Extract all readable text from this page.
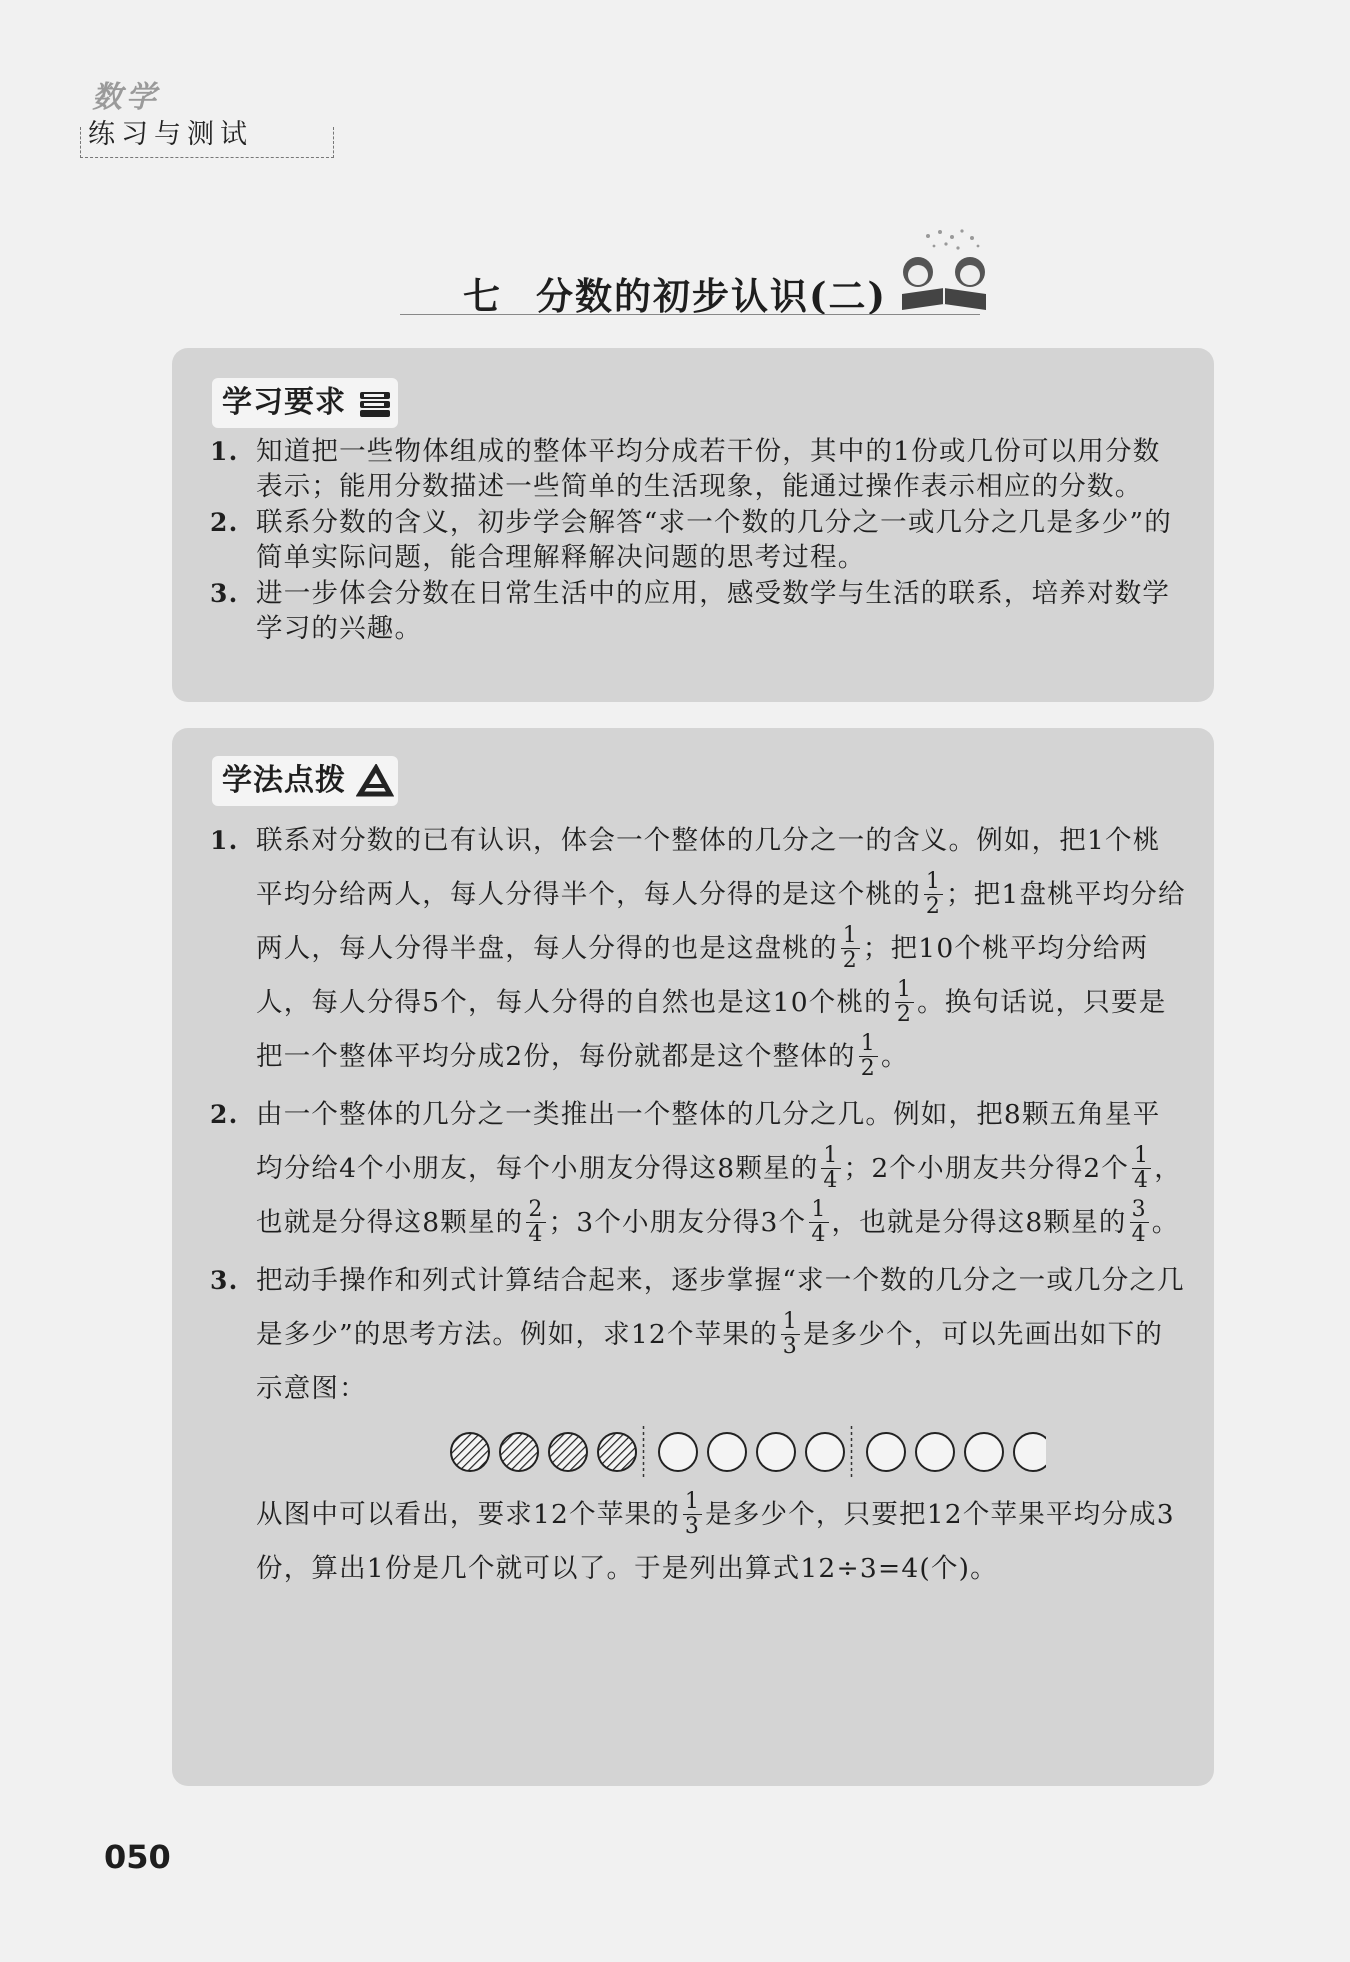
数学
练习与测试
七 分数的初步认识(二)
学习要求
1. 知道把一些物体组成的整体平均分成若干份，其中的1份或几份可以用分数表示；能用分数描述一些简单的生活现象，能通过操作表示相应的分数。
2. 联系分数的含义，初步学会解答“求一个数的几分之一或几分之几是多少”的简单实际问题，能合理解释解决问题的思考过程。
3. 进一步体会分数在日常生活中的应用，感受数学与生活的联系，培养对数学学习的兴趣。
学法点拨
1. 联系对分数的已有认识，体会一个整体的几分之一的含义。例如，把1个桃平均分给两人，每人分得半个，每人分得的是这个桃的 $\frac{1}{2}$ ；把1盘桃平均分给两人，每人分得半盘，每人分得的也是这盘桃的 $\frac{1}{2}$ ；把10个桃平均分给两人，每人分得5个，每人分得的自然也是这10个桃的 $\frac{1}{2}$ 。换句话说，只要是把一个整体平均分成2份，每份就都是这个整体的 $\frac{1}{2}$ 。
2. 由一个整体的几分之一类推出一个整体的几分之几。例如，把8颗五角星平均分给4个小朋友，每个小朋友分得这8颗星的 $\frac{1}{4}$ ；2个小朋友共分得2个 $\frac{1}{4}$ ，也就是分得这8颗星的 $\frac{2}{4}$ ；3个小朋友分得3个 $\frac{1}{4}$ ，也就是分得这8颗星的 $\frac{3}{4}$ 。
3. 把动手操作和列式计算结合起来，逐步掌握“求一个数的几分之一或几分之几是多少”的思考方法。例如，求12个苹果的 $\frac{1}{3}$ 是多少个，可以先画出如下的示意图：
从图中可以看出，要求12个苹果的 $\frac{1}{3}$ 是多少个，只要把12个苹果平均分成3份，算出1份是几个就可以了。于是列出算式12÷3=4(个)。
050
